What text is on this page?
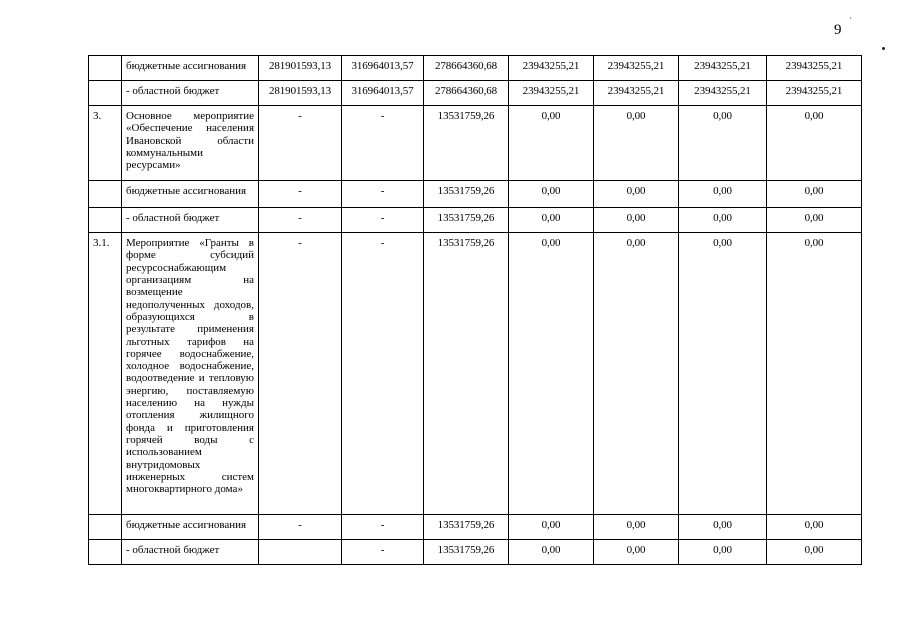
9
`
	бюджетные ассигнования	281901593,13	316964013,57	278664360,68	23943255,21	23943255,21	23943255,21	23943255,21
	- областной бюджет	281901593,13	316964013,57	278664360,68	23943255,21	23943255,21	23943255,21	23943255,21
3.	Основное мероприятие «Обеспечение населения Ивановской области коммунальными ресурсами»	-	-	13531759,26	0,00	0,00	0,00	0,00
	бюджетные ассигнования	-	-	13531759,26	0,00	0,00	0,00	0,00
	- областной бюджет	-	-	13531759,26	0,00	0,00	0,00	0,00
3.1.	Мероприятие «Гранты в форме субсидий ресурсоснабжающим организациям на возмещение недополученных доходов, образующихся в результате применения льготных тарифов на горячее водоснабжение, холодное водоснабжение, водоотведение и тепловую энергию, поставляемую населению на нужды отопления жилищного фонда и приготовления горячей воды с использованием внутридомовых инженерных систем многоквартирного дома»	-	-	13531759,26	0,00	0,00	0,00	0,00
	бюджетные ассигнования	-	-	13531759,26	0,00	0,00	0,00	0,00
	- областной бюджет		-	13531759,26	0,00	0,00	0,00	0,00
